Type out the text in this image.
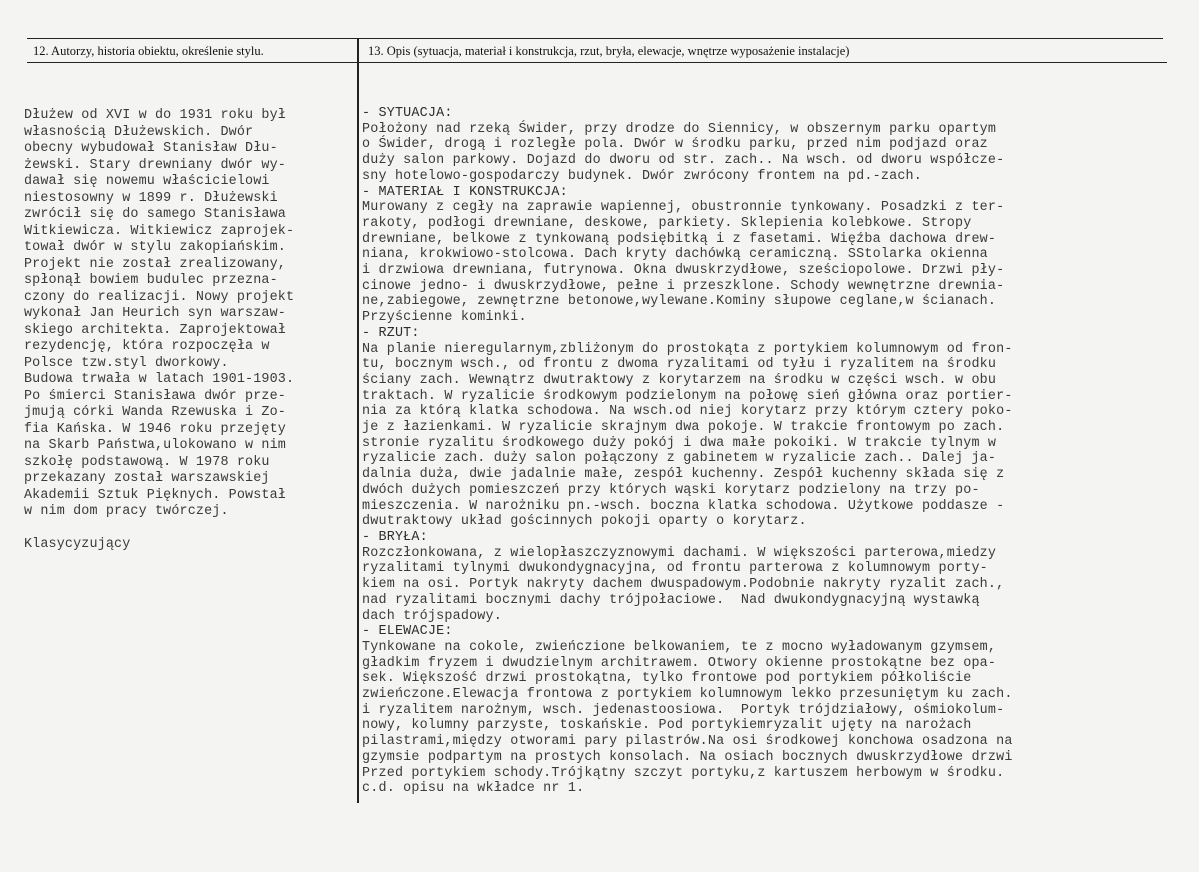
12. Autorzy, historia obiektu, określenie stylu.	13. Opis (sytuacja, materiał i konstrukcja, rzut, bryła, elewacje, wnętrze wyposażenie instalacje)
Dłużew od XVI w do 1931 roku był
własnością Dłużewskich. Dwór
obecny wybudował Stanisław Dłu-
żewski. Stary drewniany dwór wy-
dawał się nowemu właścicielowi
niestosowny w 1899 r. Dłużewski
zwrócił się do samego Stanisława
Witkiewicza. Witkiewicz zaprojek-
tował dwór w stylu zakopiańskim.
Projekt nie został zrealizowany,
spłonął bowiem budulec przezna-
czony do realizacji. Nowy projekt
wykonał Jan Heurich syn warszaw-
skiego architekta. Zaprojektował
rezydencję, która rozpoczęła w
Polsce tzw.styl dworkowy.
Budowa trwała w latach 1901-1903.
Po śmierci Stanisława dwór prze-
jmują córki Wanda Rzewuska i Zo-
fia Kańska. W 1946 roku przejęty
na Skarb Państwa,ulokowano w nim
szkołę podstawową. W 1978 roku
przekazany został warszawskiej
Akademii Sztuk Pięknych. Powstał
w nim dom pracy twórczej.
Klasycyzujący
- SYTUACJA:
Położony nad rzeką Świder, przy drodze do Siennicy, w obszernym parku opartym
o Świder, drogą i rozległe pola. Dwór w środku parku, przed nim podjazd oraz
duży salon parkowy. Dojazd do dworu od str. zach.. Na wsch. od dworu współcze-
sny hotelowo-gospodarczy budynek. Dwór zwrócony frontem na pd.-zach.
- MATERIAŁ I KONSTRUKCJA:
Murowany z cegły na zaprawie wapiennej, obustronnie tynkowany. Posadzki z ter-
rakoty, podłogi drewniane, deskowe, parkiety. Sklepienia kolebkowe. Stropy
drewniane, belkowe z tynkowaną podsiębitką i z fasetami. Więźba dachowa drew-
niana, krokwiowo-stolcowa. Dach kryty dachówką ceramiczną. SStolarka okienna
i drzwiowa drewniana, futrynowa. Okna dwuskrzydłowe, sześciopolowe. Drzwi pły-
cinowe jedno- i dwuskrzydłowe, pełne i przeszklone. Schody wewnętrzne drewnia-
ne,zabiegowe, zewnętrzne betonowe,wylewane.Kominy słupowe ceglane,w ścianach.
Przyścienne kominki.
- RZUT:
Na planie nieregularnym,zbliżonym do prostokąta z portykiem kolumnowym od fron-
tu, bocznym wsch., od frontu z dwoma ryzalitami od tyłu i ryzalitem na środku
ściany zach. Wewnątrz dwutraktowy z korytarzem na środku w części wsch. w obu
traktach. W ryzalicie środkowym podzielonym na połowę sień główna oraz portier-
nia za którą klatka schodowa. Na wsch.od niej korytarz przy którym cztery poko-
je z łazienkami. W ryzalicie skrajnym dwa pokoje. W trakcie frontowym po zach.
stronie ryzalitu środkowego duży pokój i dwa małe pokoiki. W trakcie tylnym w
ryzalicie zach. duży salon połączony z gabinetem w ryzalicie zach.. Dalej ja-
dalnia duża, dwie jadalnie małe, zespół kuchenny. Zespół kuchenny składa się z
dwóch dużych pomieszczeń przy których wąski korytarz podzielony na trzy po-
mieszczenia. W narożniku pn.-wsch. boczna klatka schodowa. Użytkowe poddasze -
dwutraktowy układ gościnnych pokoji oparty o korytarz.
- BRYŁA:
Rozczłonkowana, z wielopłaszczyznowymi dachami. W większości parterowa,miedzy
ryzalitami tylnymi dwukondygnacyjna, od frontu parterowa z kolumnowym porty-
kiem na osi. Portyk nakryty dachem dwuspadowym.Podobnie nakryty ryzalit zach.,
nad ryzalitami bocznymi dachy trójpołaciowe.  Nad dwukondygnacyjną wystawką
dach trójspadowy.
- ELEWACJE:
Tynkowane na cokole, zwieńczione belkowaniem, te z mocno wyładowanym gzymsem,
gładkim fryzem i dwudzielnym architrawem. Otwory okienne prostokątne bez opa-
sek. Większość drzwi prostokątna, tylko frontowe pod portykiem półkoliście
zwieńczone.Elewacja frontowa z portykiem kolumnowym lekko przesuniętym ku zach.
i ryzalitem narożnym, wsch. jedenastoosiowa.  Portyk trójdziałowy, ośmiokolum-
nowy, kolumny parzyste, toskańskie. Pod portykiemryzalit ujęty na narożach
pilastrami,między otworami pary pilastrów.Na osi środkowej konchowa osadzona na
gzymsie podpartym na prostych konsolach. Na osiach bocznych dwuskrzydłowe drzwi
Przed portykiem schody.Trójkątny szczyt portyku,z kartuszem herbowym w środku.
c.d. opisu na wkładce nr 1.
